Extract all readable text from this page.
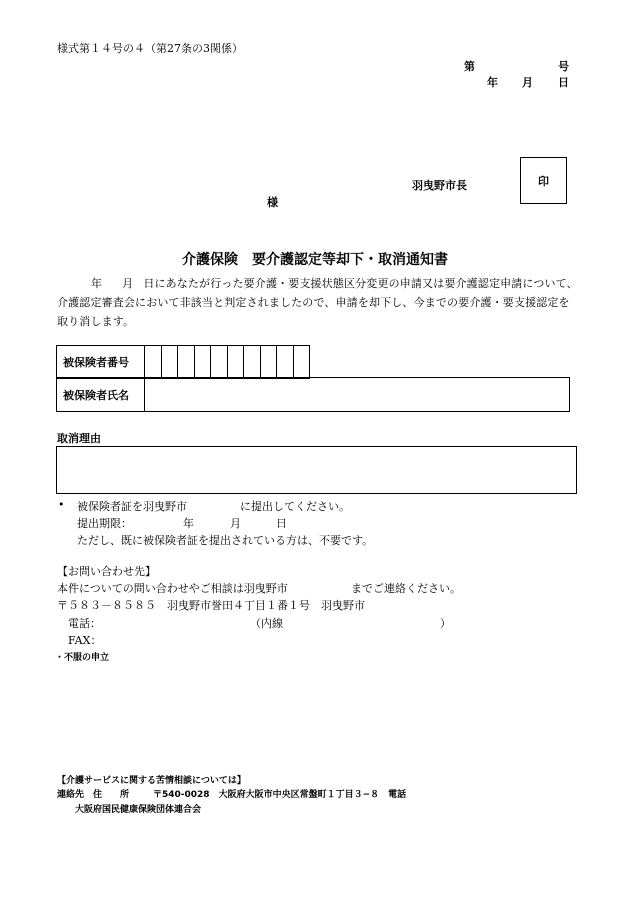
様式第１４号の４（第27条の3関係）
第	号
年 月 日
羽曳野市長	印
様
介護保険　要介護認定等却下・取消通知書
年 月 日にあなたが行った要介護・要支援状態区分変更の申請又は要介護認定申請について、介護認定審査会において非該当と判定されましたので、申請を却下し、今までの要介護・要支援認定を取り消します。
被保険者番号										
被保険者氏名	
取消理由
• 被保険者証を羽曳野市	に提出してください。
提出期限：	年	月	日
ただし、既に被保険者証を提出されている方は、不要です。
【お問い合わせ先】
本件についての問い合わせやご相談は羽曳野市	までご連絡ください。
〒５８３－８５８５　羽曳野市誉田４丁目１番１号　羽曳野市
電話：	（内線	）
FAX：
・不服の申立
【介護サービスに関する苦情相談については】
連絡先　住　　所	〒540-0028　大阪府大阪市中央区常盤町１丁目３−８　電話
大阪府国民健康保険団体連合会
